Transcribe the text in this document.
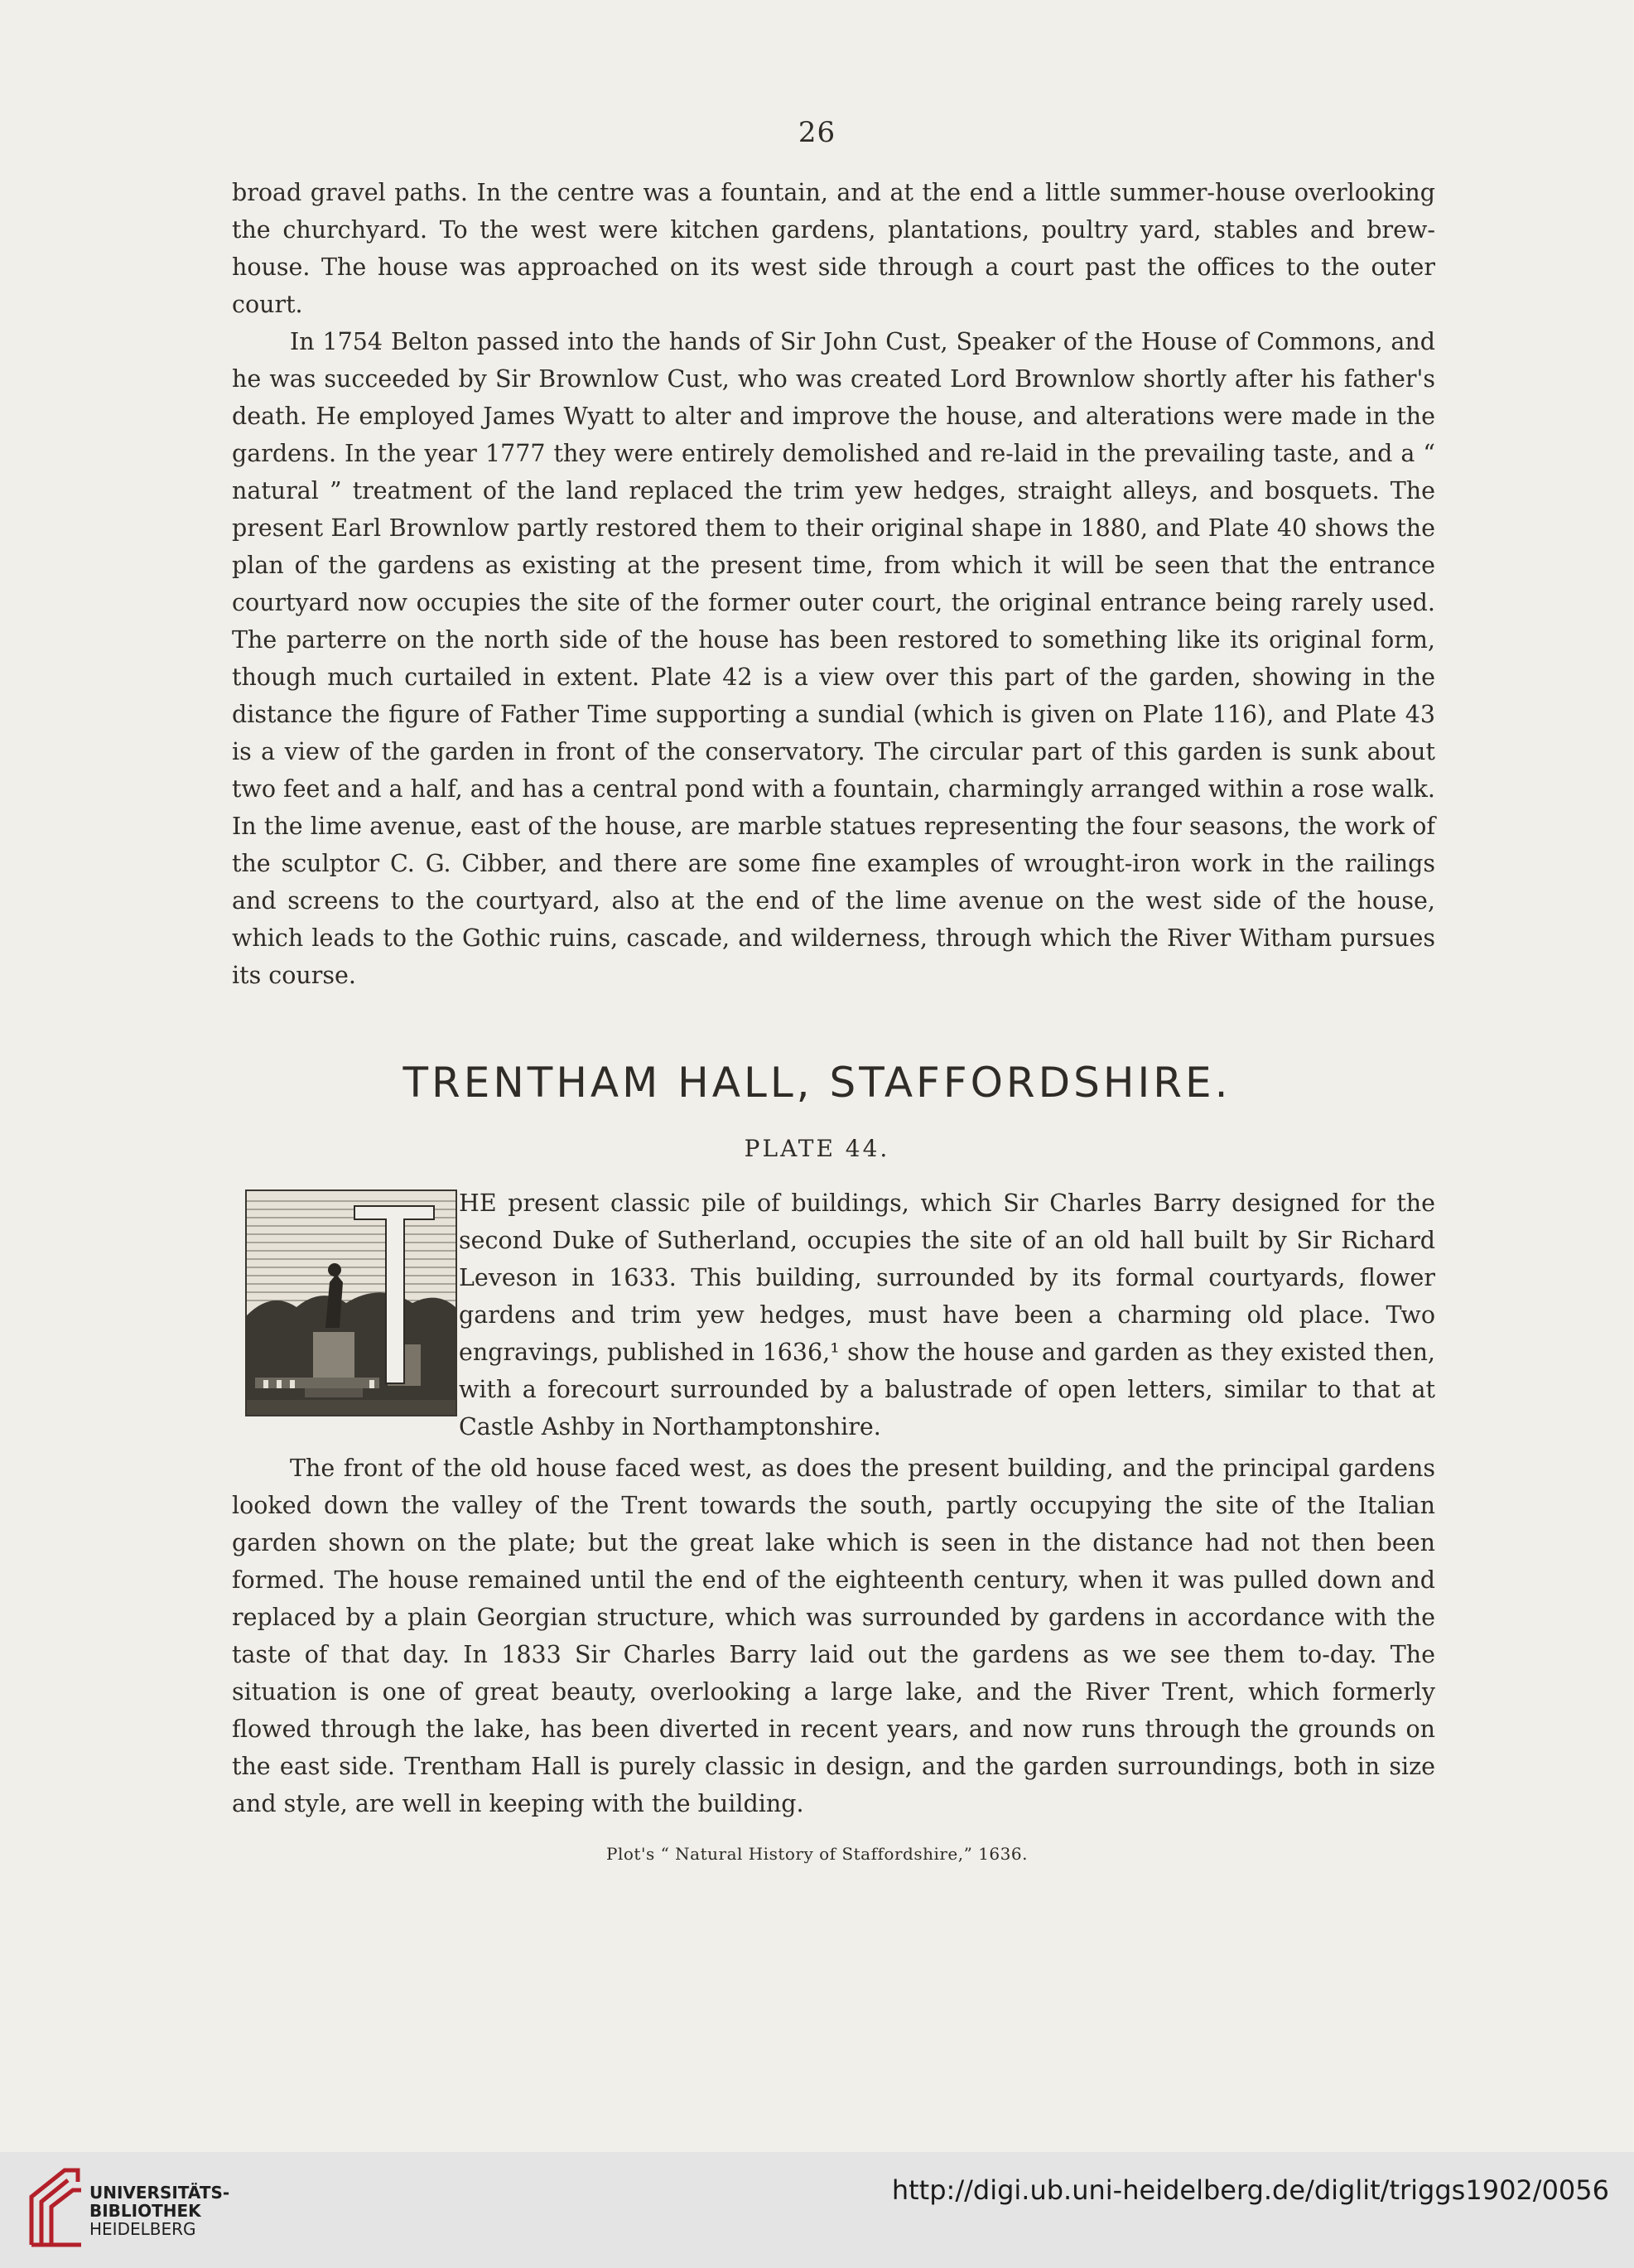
26

broad gravel paths. In the centre was a fountain, and at the end a little summer-house overlooking the churchyard. To the west were kitchen gardens, plantations, poultry yard, stables and brew-house. The house was approached on its west side through a court past the offices to the outer court.

In 1754 Belton passed into the hands of Sir John Cust, Speaker of the House of Commons, and he was succeeded by Sir Brownlow Cust, who was created Lord Brownlow shortly after his father's death. He employed James Wyatt to alter and improve the house, and alterations were made in the gardens. In the year 1777 they were entirely demolished and re-laid in the prevailing taste, and a “ natural ” treatment of the land replaced the trim yew hedges, straight alleys, and bosquets. The present Earl Brownlow partly restored them to their original shape in 1880, and Plate 40 shows the plan of the gardens as existing at the present time, from which it will be seen that the entrance courtyard now occupies the site of the former outer court, the original entrance being rarely used. The parterre on the north side of the house has been restored to something like its original form, though much curtailed in extent. Plate 42 is a view over this part of the garden, showing in the distance the figure of Father Time supporting a sundial (which is given on Plate 116), and Plate 43 is a view of the garden in front of the conservatory. The circular part of this garden is sunk about two feet and a half, and has a central pond with a fountain, charmingly arranged within a rose walk. In the lime avenue, east of the house, are marble statues representing the four seasons, the work of the sculptor C. G. Cibber, and there are some fine examples of wrought-iron work in the railings and screens to the courtyard, also at the end of the lime avenue on the west side of the house, which leads to the Gothic ruins, cascade, and wilderness, through which the River Witham pursues its course.

TRENTHAM HALL, STAFFORDSHIRE.
PLATE 44.

HE present classic pile of buildings, which Sir Charles Barry designed for the second Duke of Sutherland, occupies the site of an old hall built by Sir Richard Leveson in 1633. This building, surrounded by its formal courtyards, flower gardens and trim yew hedges, must have been a charming old place. Two engravings, published in 1636,¹ show the house and garden as they existed then, with a forecourt surrounded by a balustrade of open letters, similar to that at Castle Ashby in Northamptonshire.

The front of the old house faced west, as does the present building, and the principal gardens looked down the valley of the Trent towards the south, partly occupying the site of the Italian garden shown on the plate; but the great lake which is seen in the distance had not then been formed. The house remained until the end of the eighteenth century, when it was pulled down and replaced by a plain Georgian structure, which was surrounded by gardens in accordance with the taste of that day. In 1833 Sir Charles Barry laid out the gardens as we see them to-day. The situation is one of great beauty, overlooking a large lake, and the River Trent, which formerly flowed through the lake, has been diverted in recent years, and now runs through the grounds on the east side. Trentham Hall is purely classic in design, and the garden surroundings, both in size and style, are well in keeping with the building.

Plot's “ Natural History of Staffordshire,” 1636.
UNIVERSITÄTS-
BIBLIOTHEK
HEIDELBERG
http://digi.ub.uni-heidelberg.de/diglit/triggs1902/0056
